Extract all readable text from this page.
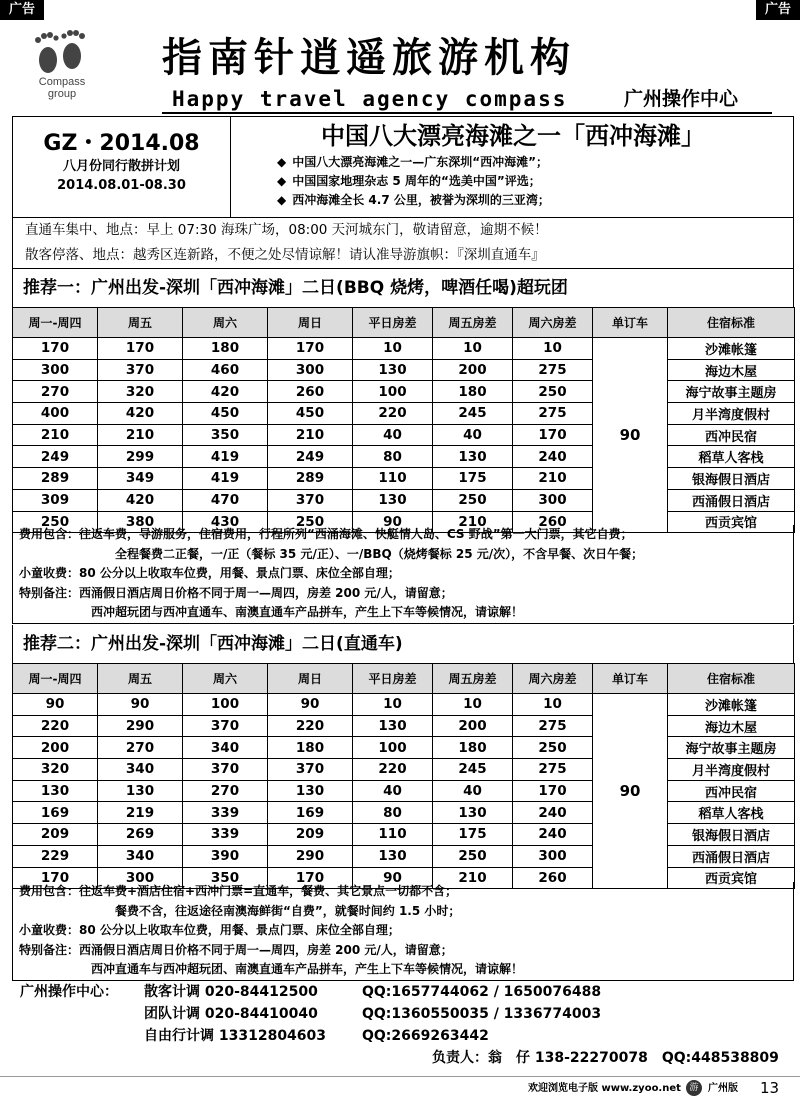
广告	广告
Compass
group
指南针逍遥旅游机构
Happy travel agency compass	广州操作中心
GZ・2014.08
八月份同行散拼计划
2014.08.01-08.30
中国八大漂亮海滩之一「西冲海滩」
◆ 中国八大漂亮海滩之一—广东深圳“西冲海滩”；
◆ 中国国家地理杂志 5 周年的“选美中国”评选；
◆ 西冲海滩全长 4.7 公里，被誉为深圳的三亚湾；
直通车集中、地点：早上 07:30 海珠广场，08:00 天河城东门，敬请留意，逾期不候！
散客停落、地点：越秀区连新路，不便之处尽情谅解！请认准导游旗帜：『深圳直通车』
推荐一：广州出发-深圳「西冲海滩」二日(BBQ 烧烤，啤酒任喝)超玩团
周一-周四	周五	周六	周日	平日房差	周五房差	周六房差	单订车	住宿标准
170	170	180	170	10	10	10	90	沙滩帐篷
300	370	460	300	130	200	275		海边木屋
270	320	420	260	100	180	250		海宁故事主题房
400	420	450	450	220	245	275		月半湾度假村
210	210	350	210	40	40	170		西冲民宿
249	299	419	249	80	130	240		稻草人客栈
289	349	419	289	110	175	210		银海假日酒店
309	420	470	370	130	250	300		西涌假日酒店
250	380	430	250	90	210	260		西贡宾馆
费用包含：往返车费，导游服务，住宿费用，行程所列“西涌海滩、快艇情人岛、CS 野战”第一大门票，其它自费；
全程餐费二正餐，一/正（餐标 35 元/正）、一/BBQ（烧烤餐标 25 元/次），不含早餐、次日午餐；
小童收费：80 公分以上收取车位费，用餐、景点门票、床位全部自理；
特别备注：西涌假日酒店周日价格不同于周一—周四，房差 200 元/人，请留意；
西冲超玩团与西冲直通车、南澳直通车产品拼车，产生上下车等候情况，请谅解！
推荐二：广州出发-深圳「西冲海滩」二日(直通车)
周一-周四	周五	周六	周日	平日房差	周五房差	周六房差	单订车	住宿标准
90	90	100	90	10	10	10	90	沙滩帐篷
220	290	370	220	130	200	275		海边木屋
200	270	340	180	100	180	250		海宁故事主题房
320	340	370	370	220	245	275		月半湾度假村
130	130	270	130	40	40	170		西冲民宿
169	219	339	169	80	130	240		稻草人客栈
209	269	339	209	110	175	240		银海假日酒店
229	340	390	290	130	250	300		西涌假日酒店
170	300	350	170	90	210	260		西贡宾馆
费用包含：往返车费+酒店住宿+西冲门票=直通车，餐费、其它景点一切都不含；
餐费不含，往返途径南澳海鲜街“自费”，就餐时间约 1.5 小时；
小童收费：80 公分以上收取车位费，用餐、景点门票、床位全部自理；
特别备注：西涌假日酒店周日价格不同于周一—周四，房差 200 元/人，请留意；
西冲直通车与西冲超玩团、南澳直通车产品拼车，产生上下车等候情况，请谅解！
广州操作中心： 散客计调 020-84412500	QQ:1657744062 / 1650076488
团队计调 020-84410040	QQ:1360550035 / 1336774003
自由行计调 13312804603	QQ:2669263442
负责人：翁　仔 138-22270078　QQ:448538809
欢迎浏览电子版 www.zyoo.net 游 广州版 13
